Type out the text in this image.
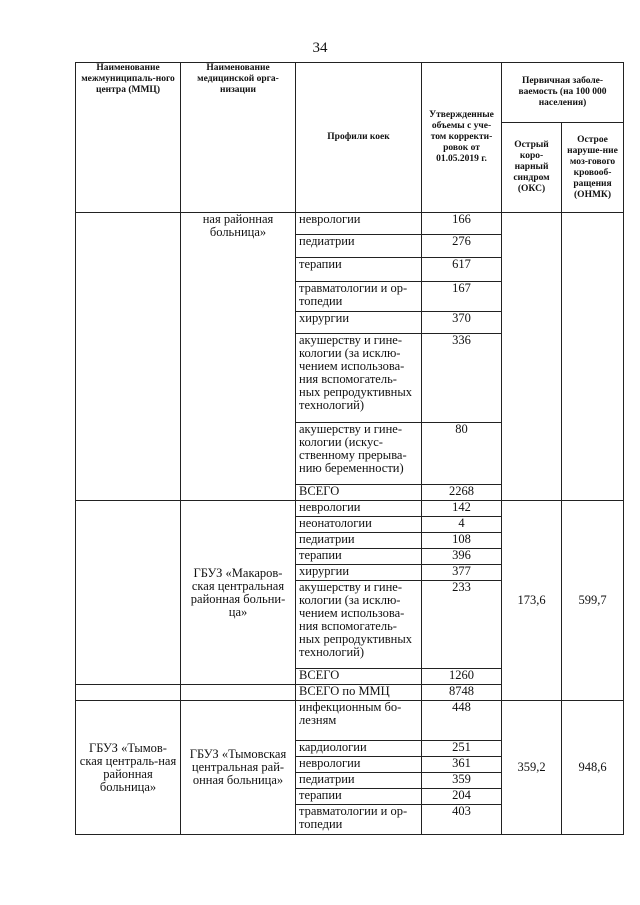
34
Наименование межмуниципаль-ного центра (ММЦ)	Наименование медицинской орга-низации	Профили коек	Утвержденные объемы с уче-том корректи-ровок от 01.05.2019 г.	Первичная заболе-ваемость (на 100 000 населения)	
				Острый коро-нарный синдром (ОКС)	Острое наруше-ние моз-гового кровооб-ращения (ОНМК)
	ная районная больница»	неврологии	166		
		педиатрии	276		
		терапии	617		
		травматологии и ор-топедии	167		
		хирургии	370		
		акушерству и гине-кологии (за исклю-чением использова-ния вспомогатель-ных репродуктивных технологий)	336		
		акушерству и гине-кологии (искус-ственному прерыва-нию беременности)	80		
		ВСЕГО	2268		
	ГБУЗ «Макаров-ская центральная районная больни-ца»	неврологии	142	173,6	599,7
		неонатологии	4		
		педиатрии	108		
		терапии	396		
		хирургии	377		
		акушерству и гине-кологии (за исклю-чением использова-ния вспомогатель-ных репродуктивных технологий)	233		
		ВСЕГО	1260		
		ВСЕГО по ММЦ	8748		
ГБУЗ «Тымов-ская централь-ная районная больница»	ГБУЗ «Тымовская центральная рай-онная больница»	инфекционным бо-лезням	448	359,2	948,6
		кардиологии	251		
		неврологии	361		
		педиатрии	359		
		терапии	204		
		травматологии и ор-топедии	403		
